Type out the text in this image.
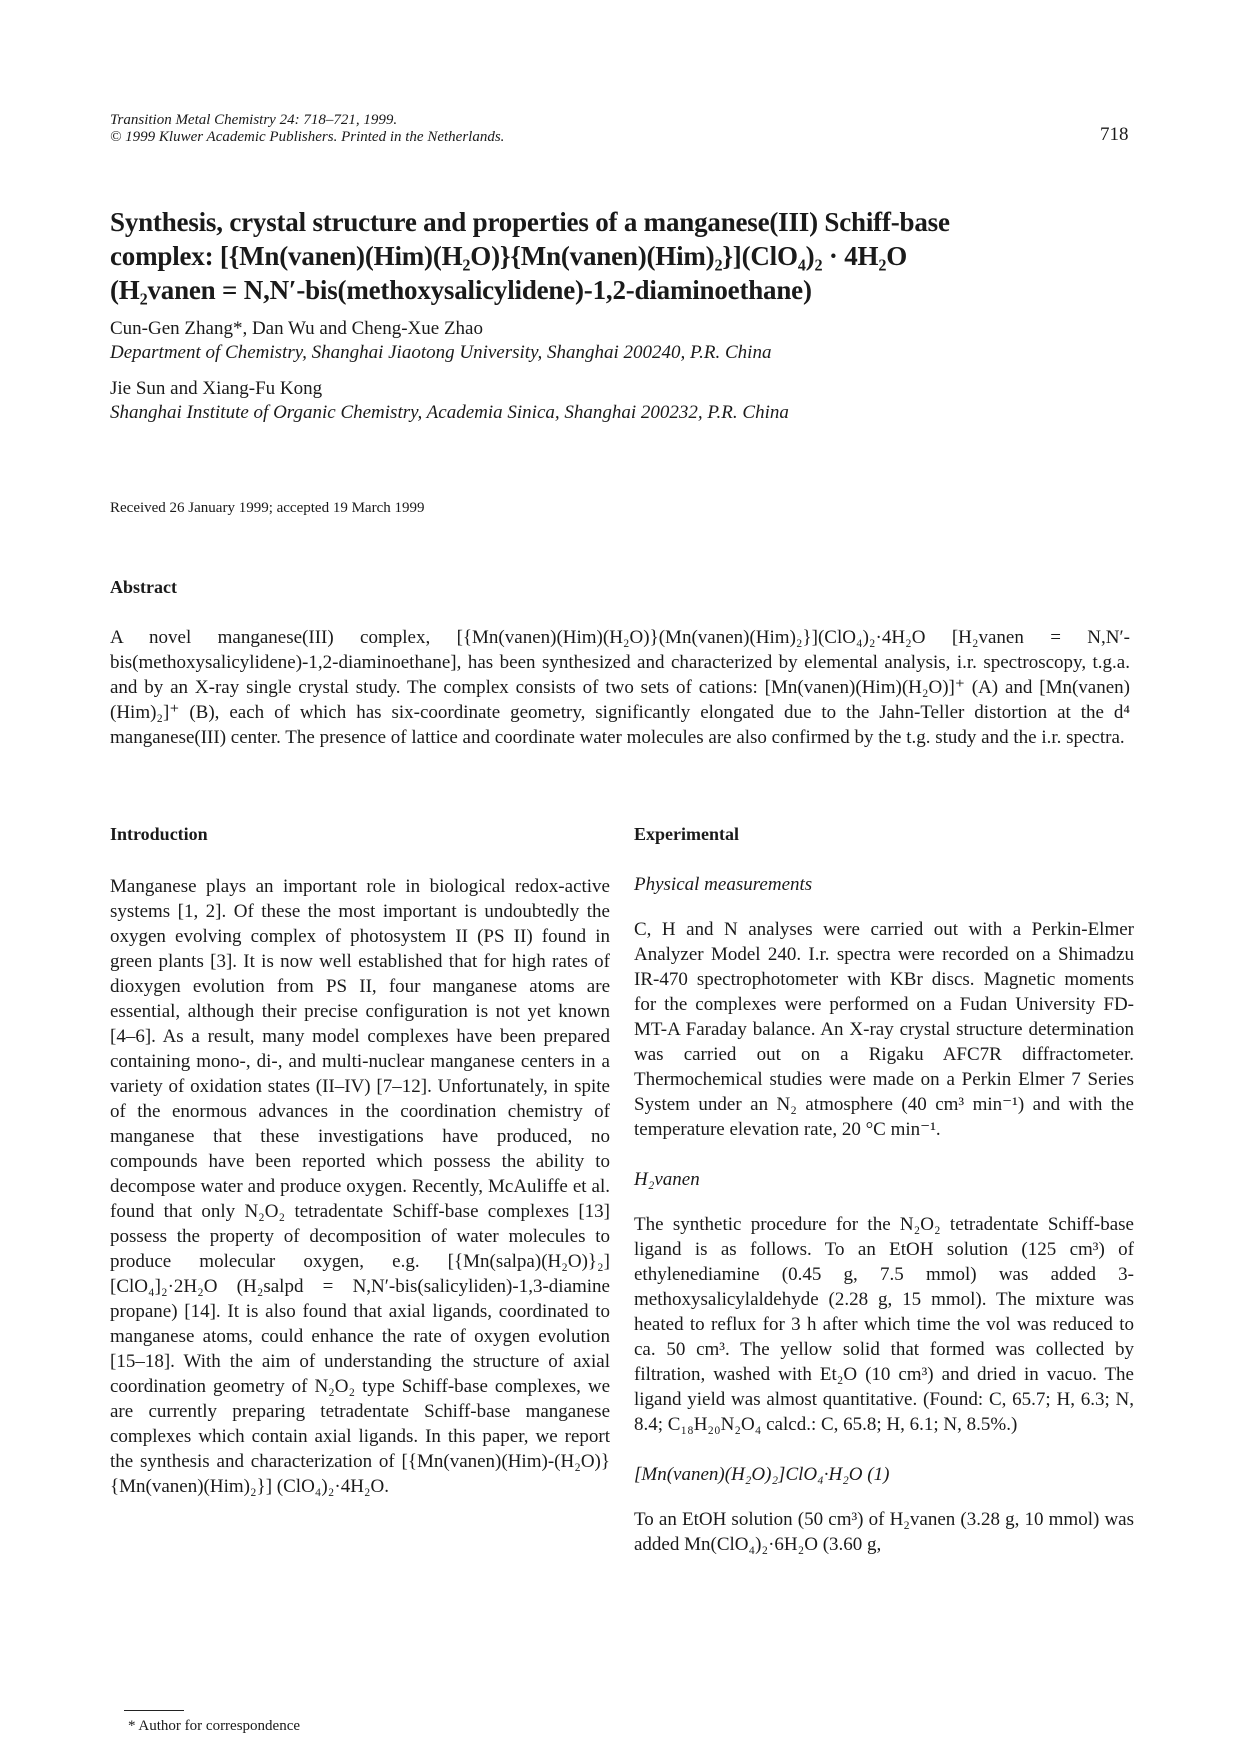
Transition Metal Chemistry 24: 718–721, 1999.
© 1999 Kluwer Academic Publishers. Printed in the Netherlands.	718
Synthesis, crystal structure and properties of a manganese(III) Schiff-base
complex: [{Mn(vanen)(Him)(H₂O)}{Mn(vanen)(Him)₂}](ClO₄)₂ · 4H₂O
(H₂vanen = N,N′-bis(methoxysalicylidene)-1,2-diaminoethane)
Cun-Gen Zhang*, Dan Wu and Cheng-Xue Zhao
Department of Chemistry, Shanghai Jiaotong University, Shanghai 200240, P.R. China
Jie Sun and Xiang-Fu Kong
Shanghai Institute of Organic Chemistry, Academia Sinica, Shanghai 200232, P.R. China
Received 26 January 1999; accepted 19 March 1999
Abstract
A novel manganese(III) complex, [{Mn(vanen)(Him)(H₂O)}(Mn(vanen)(Him)₂}](ClO₄)₂·4H₂O [H₂vanen = N,N′-bis(methoxysalicylidene)-1,2-diaminoethane], has been synthesized and characterized by elemental analysis, i.r. spectroscopy, t.g.a. and by an X-ray single crystal study. The complex consists of two sets of cations: [Mn(vanen)(Him)(H₂O)]⁺ (A) and [Mn(vanen)(Him)₂]⁺ (B), each of which has six-coordinate geometry, significantly elongated due to the Jahn-Teller distortion at the d⁴ manganese(III) center. The presence of lattice and coordinate water molecules are also confirmed by the t.g. study and the i.r. spectra.
Introduction
Manganese plays an important role in biological redox-active systems [1, 2]. Of these the most important is undoubtedly the oxygen evolving complex of photosystem II (PS II) found in green plants [3]. It is now well established that for high rates of dioxygen evolution from PS II, four manganese atoms are essential, although their precise configuration is not yet known [4–6]. As a result, many model complexes have been prepared containing mono-, di-, and multi-nuclear manganese centers in a variety of oxidation states (II–IV) [7–12]. Unfortunately, in spite of the enormous advances in the coordination chemistry of manganese that these investigations have produced, no compounds have been reported which possess the ability to decompose water and produce oxygen. Recently, McAuliffe et al. found that only N₂O₂ tetradentate Schiff-base complexes [13] possess the property of decomposition of water molecules to produce molecular oxygen, e.g. [{Mn(salpa)(H₂O)}₂][ClO₄]₂·2H₂O (H₂salpd = N,N′-bis(salicyliden)-1,3-diamine propane) [14]. It is also found that axial ligands, coordinated to manganese atoms, could enhance the rate of oxygen evolution [15–18]. With the aim of understanding the structure of axial coordination geometry of N₂O₂ type Schiff-base complexes, we are currently preparing tetradentate Schiff-base manganese complexes which contain axial ligands. In this paper, we report the synthesis and characterization of [{Mn(vanen)(Him)-(H₂O)}{Mn(vanen)(Him)₂}] (ClO₄)₂·4H₂O.
Experimental
Physical measurements
C, H and N analyses were carried out with a Perkin-Elmer Analyzer Model 240. I.r. spectra were recorded on a Shimadzu IR-470 spectrophotometer with KBr discs. Magnetic moments for the complexes were performed on a Fudan University FD-MT-A Faraday balance. An X-ray crystal structure determination was carried out on a Rigaku AFC7R diffractometer. Thermochemical studies were made on a Perkin Elmer 7 Series System under an N₂ atmosphere (40 cm³ min⁻¹) and with the temperature elevation rate, 20 °C min⁻¹.
H₂vanen
The synthetic procedure for the N₂O₂ tetradentate Schiff-base ligand is as follows. To an EtOH solution (125 cm³) of ethylenediamine (0.45 g, 7.5 mmol) was added 3-methoxysalicylaldehyde (2.28 g, 15 mmol). The mixture was heated to reflux for 3 h after which time the vol was reduced to ca. 50 cm³. The yellow solid that formed was collected by filtration, washed with Et₂O (10 cm³) and dried in vacuo. The ligand yield was almost quantitative. (Found: C, 65.7; H, 6.3; N, 8.4; C₁₈H₂₀N₂O₄ calcd.: C, 65.8; H, 6.1; N, 8.5%.)
[Mn(vanen)(H₂O)₂]ClO₄·H₂O (1)
To an EtOH solution (50 cm³) of H₂vanen (3.28 g, 10 mmol) was added Mn(ClO₄)₂·6H₂O (3.60 g,
* Author for correspondence
